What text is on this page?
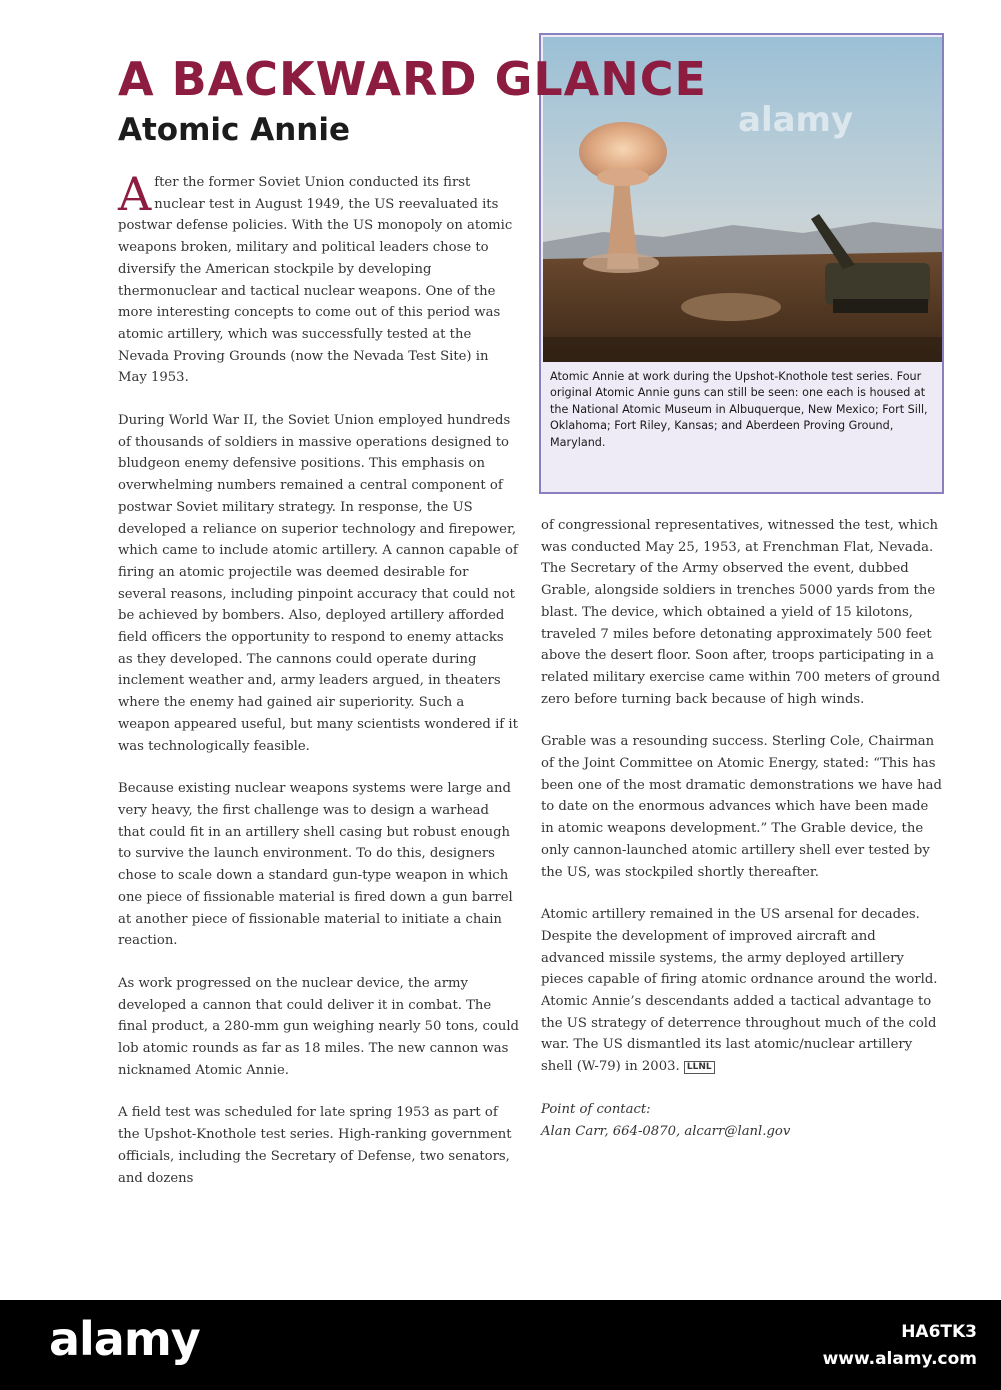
A BACKWARD GLANCE
Atomic Annie

After the former Soviet Union conducted its first nuclear test in August 1949, the US reevaluated its postwar defense policies. With the US monopoly on atomic weapons broken, military and political leaders chose to diversify the American stockpile by developing thermonuclear and tactical nuclear weapons. One of the more interesting concepts to come out of this period was atomic artillery, which was successfully tested at the Nevada Proving Grounds (now the Nevada Test Site) in May 1953.

During World War II, the Soviet Union employed hundreds of thousands of soldiers in massive operations designed to bludgeon enemy defensive positions. This emphasis on overwhelming numbers remained a central component of postwar Soviet military strategy. In response, the US developed a reliance on superior technology and firepower, which came to include atomic artillery. A cannon capable of firing an atomic projectile was deemed desirable for several reasons, including pinpoint accuracy that could not be achieved by bombers. Also, deployed artillery afforded field officers the opportunity to respond to enemy attacks as they developed. The cannons could operate during inclement weather and, army leaders argued, in theaters where the enemy had gained air superiority. Such a weapon appeared useful, but many scientists wondered if it was technologically feasible.

Because existing nuclear weapons systems were large and very heavy, the first challenge was to design a warhead that could fit in an artillery shell casing but robust enough to survive the launch environment. To do this, designers chose to scale down a standard gun-type weapon in which one piece of fissionable material is fired down a gun barrel at another piece of fissionable material to initiate a chain reaction.

As work progressed on the nuclear device, the army developed a cannon that could deliver it in combat. The final product, a 280-mm gun weighing nearly 50 tons, could lob atomic rounds as far as 18 miles. The new cannon was nicknamed Atomic Annie.

A field test was scheduled for late spring 1953 as part of the Upshot-Knothole test series. High-ranking government officials, including the Secretary of Defense, two senators, and dozens

Atomic Annie at work during the Upshot-Knothole test series. Four original Atomic Annie guns can still be seen: one each is housed at the National Atomic Museum in Albuquerque, New Mexico; Fort Sill, Oklahoma; Fort Riley, Kansas; and Aberdeen Proving Ground, Maryland.
alamy

of congressional representatives, witnessed the test, which was conducted May 25, 1953, at Frenchman Flat, Nevada. The Secretary of the Army observed the event, dubbed Grable, alongside soldiers in trenches 5000 yards from the blast. The device, which obtained a yield of 15 kilotons, traveled 7 miles before detonating approximately 500 feet above the desert floor. Soon after, troops participating in a related military exercise came within 700 meters of ground zero before turning back because of high winds.

Grable was a resounding success. Sterling Cole, Chairman of the Joint Committee on Atomic Energy, stated: “This has been one of the most dramatic demonstrations we have had to date on the enormous advances which have been made in atomic weapons development.” The Grable device, the only cannon-launched atomic artillery shell ever tested by the US, was stockpiled shortly thereafter.

Atomic artillery remained in the US arsenal for decades. Despite the development of improved aircraft and advanced missile systems, the army deployed artillery pieces capable of firing atomic ordnance around the world. Atomic Annie’s descendants added a tactical advantage to the US strategy of deterrence throughout much of the cold war. The US dismantled its last atomic/nuclear artillery shell (W-79) in 2003. LLNL

Point of contact:
Alan Carr, 664-0870, alcarr@lanl.gov
alamy	HA6TK3
www.alamy.com
